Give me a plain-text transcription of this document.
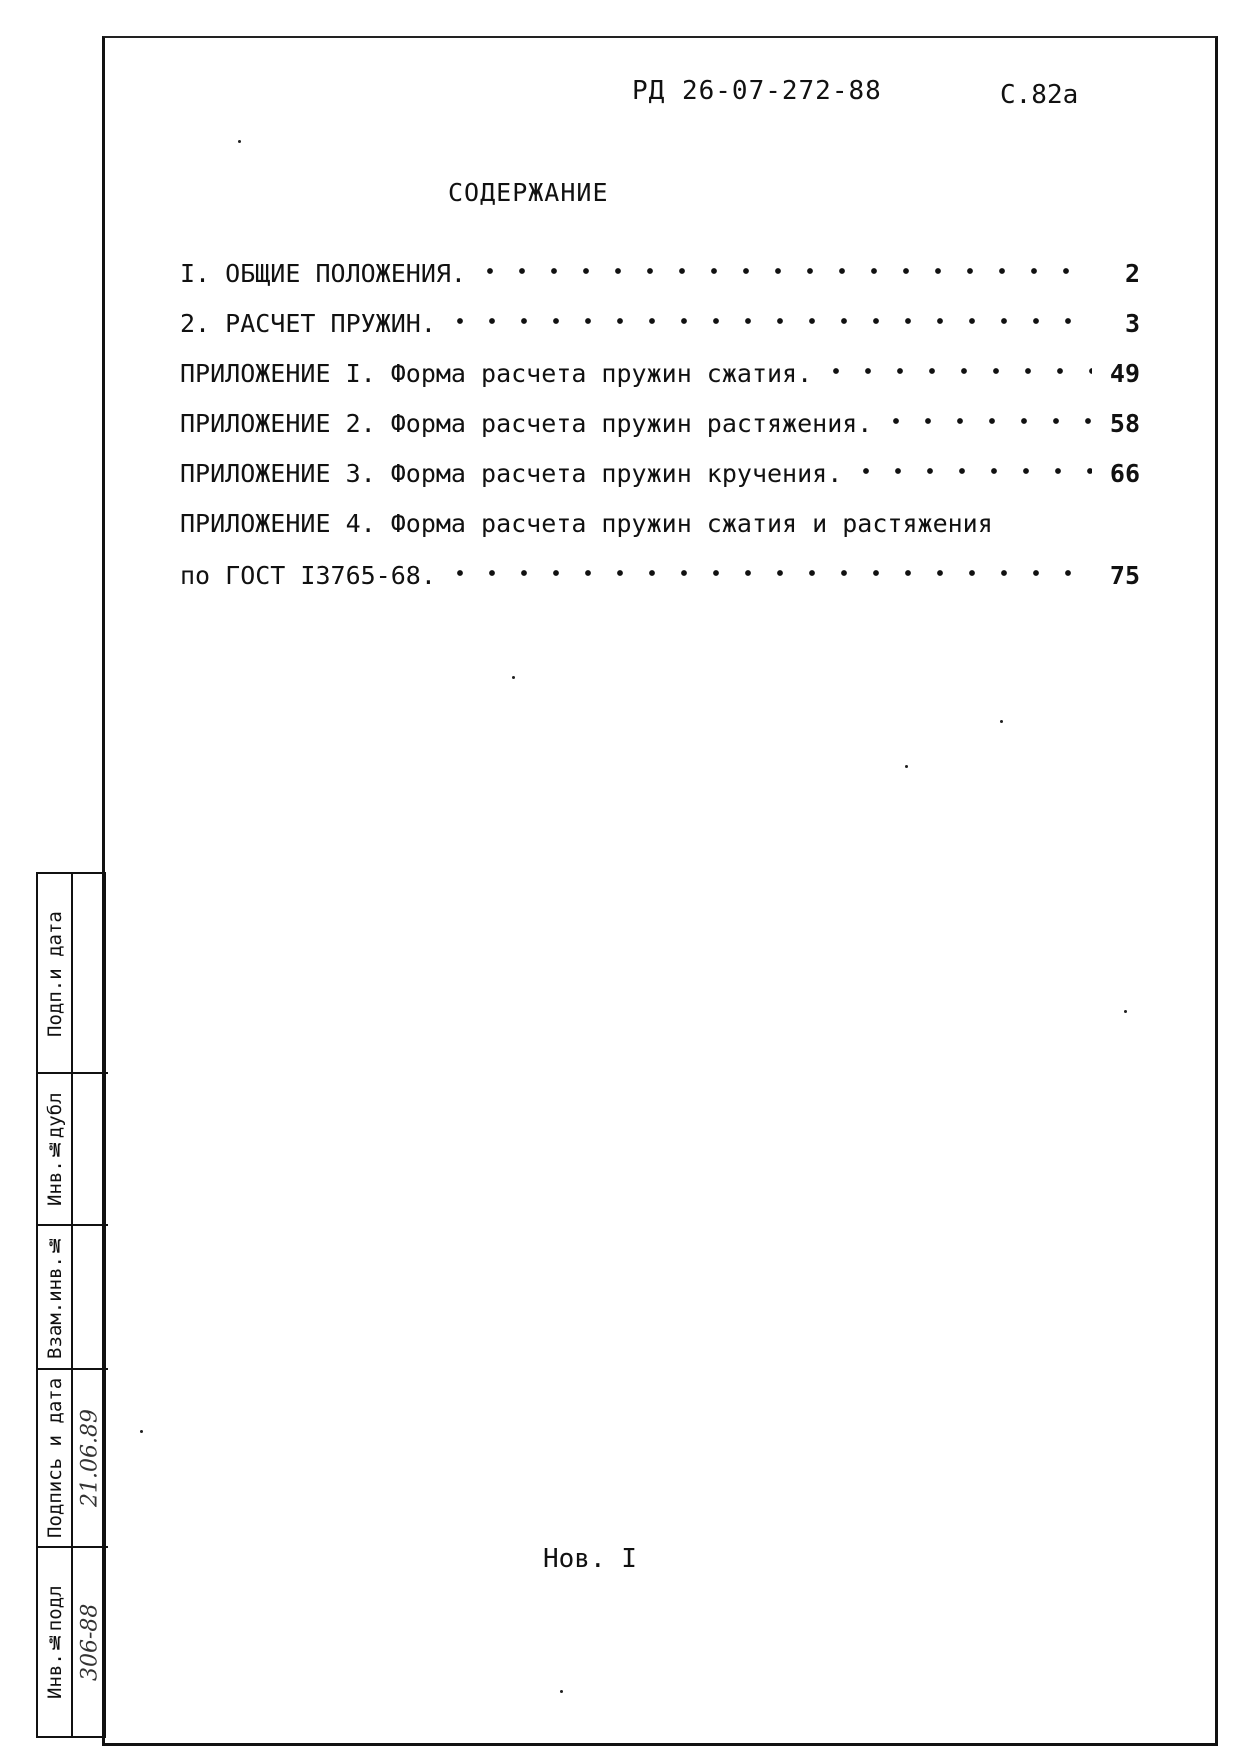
РД 26-07-272-88	С.82а
СОДЕРЖАНИЕ
I. ОБЩИЕ ПОЛОЖЕНИЯ.	2
2. РАСЧЕТ ПРУЖИН.	3
ПРИЛОЖЕНИЕ I. Форма расчета пружин сжатия.	49
ПРИЛОЖЕНИЕ 2. Форма расчета пружин растяжения.	58
ПРИЛОЖЕНИЕ 3. Форма расчета пружин кручения.	66
ПРИЛОЖЕНИЕ 4. Форма расчета пружин сжатия и растяжения
по ГОСТ I3765-68.	75
Нов. I
Подп.и дата
Инв.№дубл
Взам.инв.№
Подпись и дата
Инв.№подл
21.06.89
306-88
